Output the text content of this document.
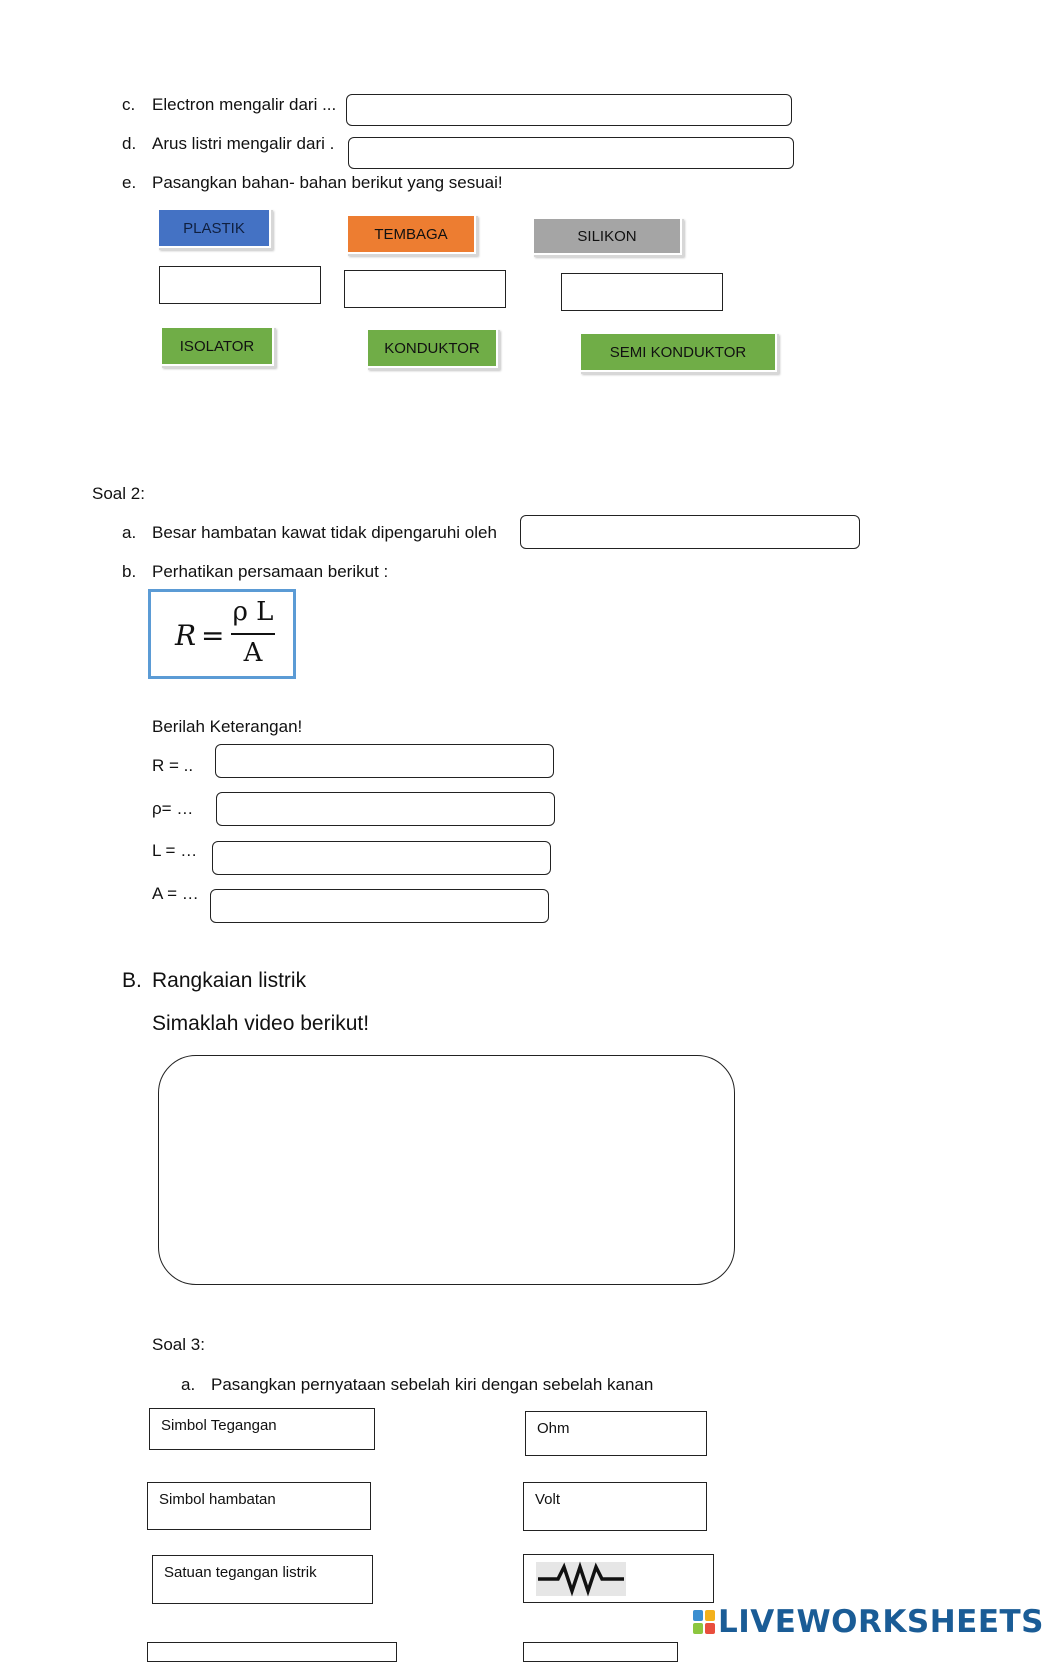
c. Electron mengalir dari ...
d. Arus listri mengalir dari .
e. Pasangkan bahan- bahan berikut yang sesuai!
PLASTIK	TEMBAGA	SILIKON
ISOLATOR	KONDUKTOR	SEMI KONDUKTOR
Soal 2:
a. Besar hambatan kawat tidak dipengaruhi oleh
b. Perhatikan persamaan berikut :
R =
ρ L
A
Berilah Keterangan!
R = ..
ρ= …
L = …
A = …
B. Rangkaian listrik
Simaklah video berikut!
Soal 3:
a. Pasangkan pernyataan sebelah kiri dengan sebelah kanan
Simbol Tegangan
Simbol hambatan
Satuan tegangan listrik
Ohm
Volt
LIVEWORKSHEETS
